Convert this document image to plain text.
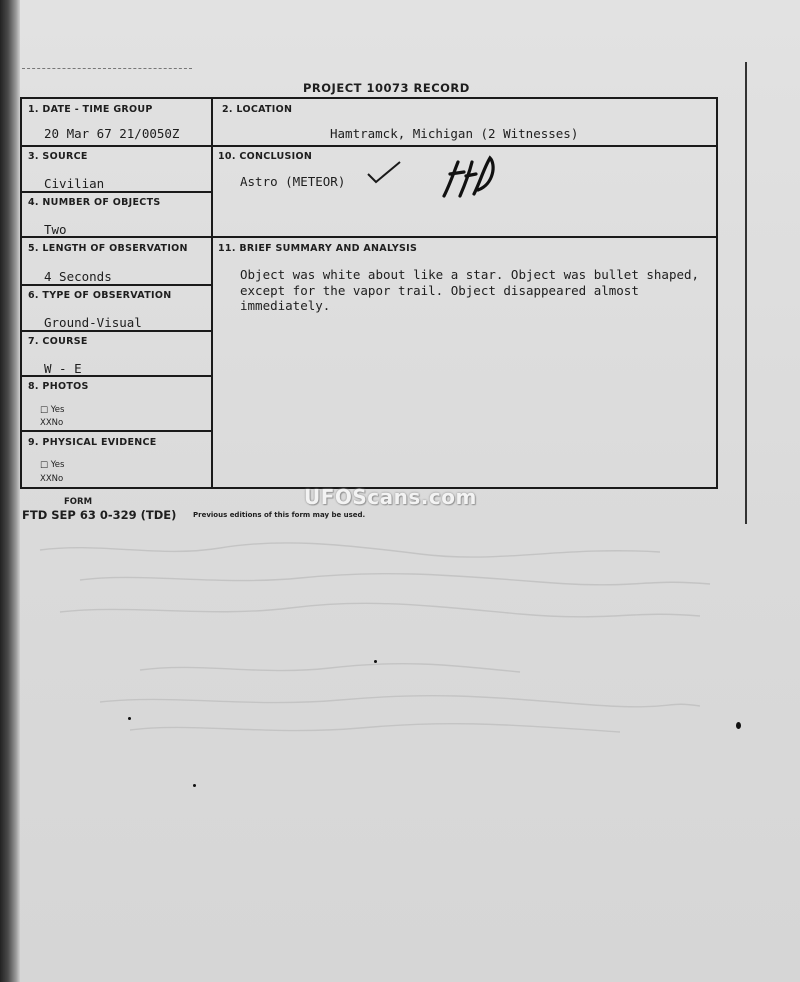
PROJECT 10073 RECORD
1. DATE - TIME GROUP
20 Mar 67 21/0050Z
2. LOCATION
Hamtramck, Michigan (2 Witnesses)
3. SOURCE
Civilian
4. NUMBER OF OBJECTS
Two
10. CONCLUSION
Astro (METEOR)
5. LENGTH OF OBSERVATION
4 Seconds
6. TYPE OF OBSERVATION
Ground-Visual
7. COURSE
W - E
8. PHOTOS
□ Yes
XXNo
9. PHYSICAL EVIDENCE
□ Yes
XXNo
11. BRIEF SUMMARY AND ANALYSIS
Object was white about like a star. Object was bullet shaped,
except for the vapor trail. Object disappeared almost
immediately.
FORM
FTD SEP 63 0-329 (TDE) Previous editions of this form may be used.
UFOScans.com
